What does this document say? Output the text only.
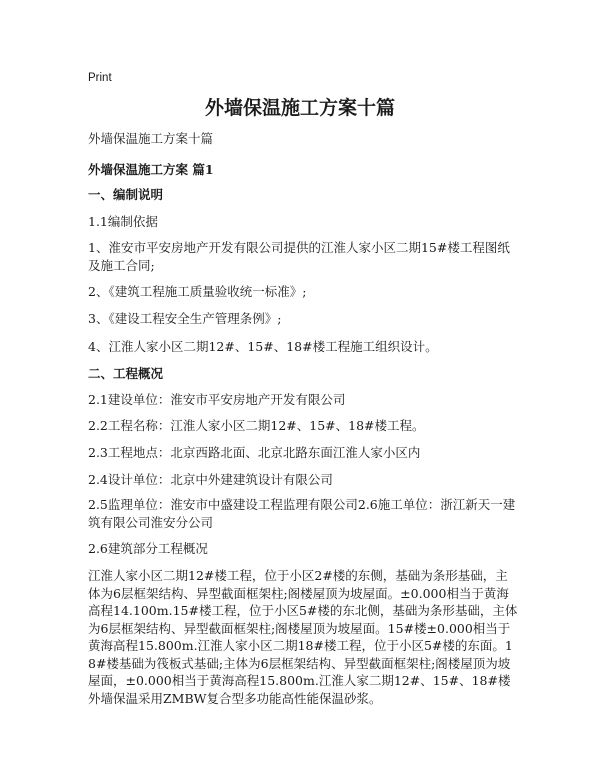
Print
外墙保温施工方案十篇
外墙保温施工方案十篇
外墙保温施工方案 篇1
一、编制说明
1.1编制依据
1、淮安市平安房地产开发有限公司提供的江淮人家小区二期15#楼工程图纸及施工合同;
2、《建筑工程施工质量验收统一标准》;
3、《建设工程安全生产管理条例》;
4、江淮人家小区二期12#、15#、18#楼工程施工组织设计。
二、工程概况
2.1建设单位：淮安市平安房地产开发有限公司
2.2工程名称：江淮人家小区二期12#、15#、18#楼工程。
2.3工程地点：北京西路北面、北京北路东面江淮人家小区内
2.4设计单位：北京中外建建筑设计有限公司
2.5监理单位：淮安市中盛建设工程监理有限公司2.6施工单位：浙江新天一建筑有限公司淮安分公司
2.6建筑部分工程概况
江淮人家小区二期12#楼工程，位于小区2#楼的东侧，基础为条形基础，主体为6层框架结构、异型截面框架柱;阁楼屋顶为坡屋面。±0.000相当于黄海高程14.100m.15#楼工程，位于小区5#楼的东北侧，基础为条形基础，主体为6层框架结构、异型截面框架柱;阁楼屋顶为坡屋面。15#楼±0.000相当于黄海高程15.800m.江淮人家小区二期18#楼工程，位于小区5#楼的东面。18#楼基础为筏板式基础;主体为6层框架结构、异型截面框架柱;阁楼屋顶为坡屋面，±0.000相当于黄海高程15.800m.江淮人家二期12#、15#、18#楼外墙保温采用ZMBW复合型多功能高性能保温砂浆。
